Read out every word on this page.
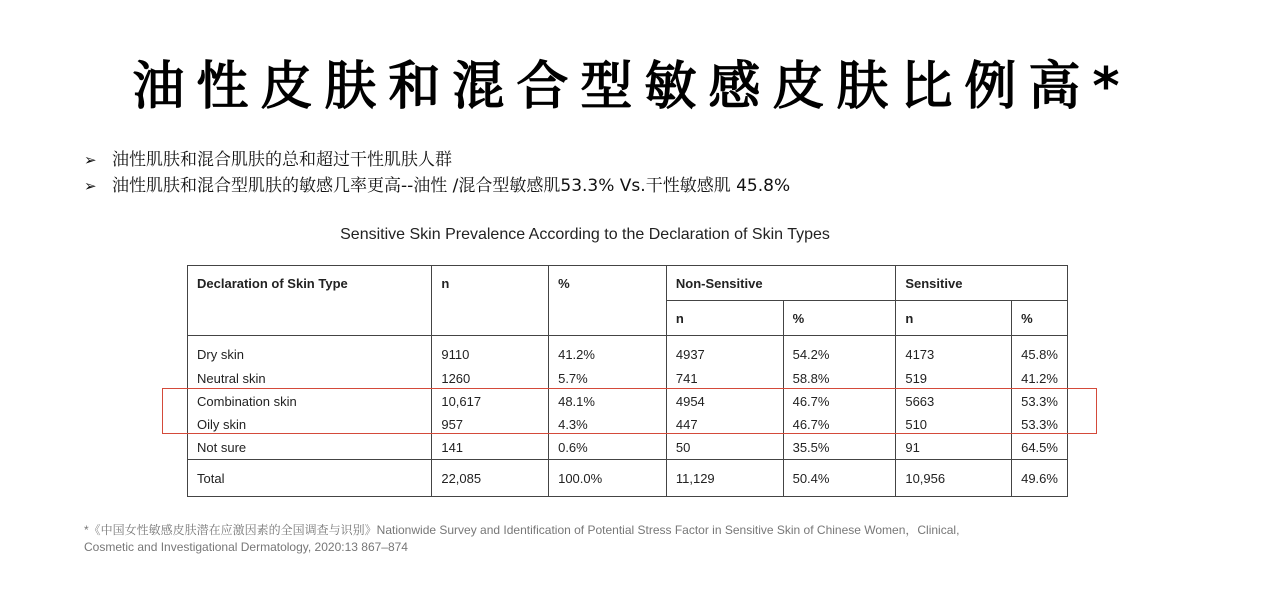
油性皮肤和混合型敏感皮肤比例高*
➢ 油性肌肤和混合肌肤的总和超过干性肌肤人群
➢ 油性肌肤和混合型肌肤的敏感几率更高--油性 /混合型敏感肌53.3% Vs.干性敏感肌 45.8%
Sensitive Skin Prevalence According to the Declaration of Skin Types
Declaration of Skin Type	n	%	Non-Sensitive		Sensitive	
			n	%	n	%
Dry skin	9110	41.2%	4937	54.2%	4173	45.8%
Neutral skin	1260	5.7%	741	58.8%	519	41.2%
Combination skin	10,617	48.1%	4954	46.7%	5663	53.3%
Oily skin	957	4.3%	447	46.7%	510	53.3%
Not sure	141	0.6%	50	35.5%	91	64.5%
Total	22,085	100.0%	11,129	50.4%	10,956	49.6%
*《中国女性敏感皮肤潜在应激因素的全国调查与识别》Nationwide Survey and Identification of Potential Stress Factor in Sensitive Skin of Chinese Women，Clinical,
Cosmetic and Investigational Dermatology, 2020:13 867–874
